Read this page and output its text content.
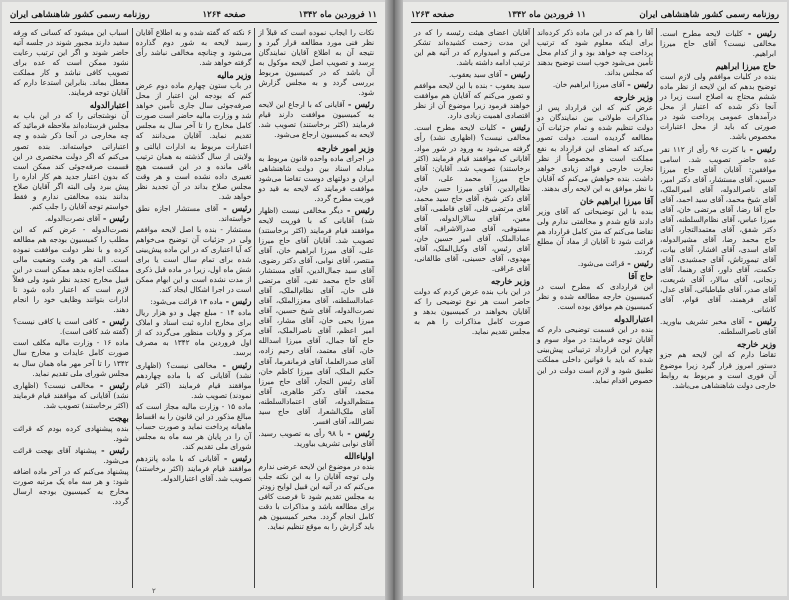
۱۱ فروردین ماه ۱۳۴۲
صفحه ۱۲۶۴
روزنامه رسمی کشور شاهنشاهی ایران

نکات را ایجاب نموده است که قبلاً از نظر فنی مورد مطالعه قرار گیرد و نتیجه آن به اطلاع آقایان نمایندگان برسد و تصویب اصل لایحه موکول به آن باشد که در کمیسیون مربوط بررسی گردد و به مجلس گزارش شود.

رئیس - آقایانی که با ارجاع این لایحه به کمیسیون موافقت دارند قیام فرمایند (اکثر برخاستند) تصویب شد. لایحه به کمیسیون ارجاع می‌شود.

وزیر امور خارجه

در اجرای ماده واحده قانون مربوط به مبادله اسناد بین دولت شاهنشاهی ایران و دولتهای دوست تقاضا می‌شود موافقت فرمایند که لایحه به قید دو فوریت مطرح گردد.

رئیس - دیگر مخالفی نیست (اظهار شد) آقایانی که با فوریت لایحه موافقند قیام فرمایند (اکثر برخاستند) تصویب شد. آقایان آقای حاج میرزا علی، آقای میرزا ابراهیم خان، آقای منتصر، آقای نوابی، آقای دکتر رضوی، آقای سید جمال‌الدین، آقای مستشار، آقای حاج محمد تقی، آقای مرتضی قلی خان، آقای نظام‌الملک، آقای عمادالسلطنه، آقای معززالملک، آقای نصرت‌الدوله، آقای شیخ حسین، آقای میرزا یحیی خان، آقای مشار، آقای امیر اعظم، آقای ناصرالملک، آقای حاج آقا جمال، آقای میرزا اسدالله خان، آقای معتمد، آقای رحیم زاده، آقای صدرالعلما، آقای فرمانفرما، آقای حکیم الملک، آقای میرزا کاظم خان، آقای رئیس التجار، آقای حاج میرزا محمد، آقای دکتر طاهری، آقای منتظم‌الدوله، آقای اعتمادالسلطنه، آقای ملک‌الشعرا، آقای حاج سید نصرالله، آقای افسر.

رئیس - با ۹۸ رأی به تصویب رسید. آقای نوابی تشریف بیاورید.

اولیاءالله

بنده در موضوع این لایحه عرضی ندارم ولی توجه آقایان را به این نکته جلب می‌کنم که در آتیه این قبیل لوایح زودتر به مجلس تقدیم شود تا فرصت کافی برای مطالعه باشد و مذاکرات با دقت کامل انجام گردد. مخبر کمیسیون هم باید گزارش را به موقع تنظیم نماید.

۶ نکته که گفته شده و به اطلاع آقایان رسید لایحه به شور دوم گذارده می‌شود و چنانچه مخالفی نباشد رأی گرفته خواهد شد.

وزیر مالیه

در باب ستون چهارم ماده دوم عرض کنم که بودجه این اعتبار از محل صرفه‌جوئی سال جاری تأمین خواهد شد و وزارت مالیه حاضر است صورت کامل مخارج را تا آخر سال به مجلس تقدیم نماید. آقایان می‌دانند که اعتبارات مربوط به ادارات ایالتی و ولایتی از سال گذشته به همان ترتیب باقی مانده و در این قسمت هیچ تغییری داده نشده است و هر وقت مجلس صلاح بداند در آن تجدید نظر خواهد شد.

رئیس - آقای مستشار اجازه نطق خواسته‌اند.

مستشار - بنده با اصل لایحه موافقم ولی در جزئیات آن توضیح می‌خواهم که آیا اعتباری که در این ماده پیش‌بینی شده برای تمام سال است یا برای شش ماه اول، زیرا در ماده قبل ذکری از مدت نشده است و این ابهام ممکن است در اجرا اشکال ایجاد کند.

رئیس - ماده ۱۴ قرائت می‌شود:

ماده ۱۴ - مبلغ چهل و دو هزار ریال برای مخارج اداره ثبت اسناد و املاک مرکز و ولایات منظور می‌گردد که از اول فروردین ماه ۱۳۴۲ به مصرف برسد.

رئیس - مخالفی نیست؟ (اظهاری نشد) آقایانی که با ماده چهاردهم موافقند قیام فرمایند (اکثر قیام نمودند) تصویب شد.

ماده ۱۵ - وزارت مالیه مجاز است که مبالغ مذکور در این قانون را به اقساط ماهیانه پرداخت نماید و صورت حساب آن را در پایان هر سه ماه به مجلس شورای ملی تقدیم کند.

رئیس - آقایانی که با ماده پانزدهم موافقند قیام فرمایند (اکثر برخاستند) تصویب شد. آقای اعتبارالدوله.

اسباب این میشود که کسانی که ورقه سفید دارند مجبور شوند در جلسه آتیه حاضر شوند و اگر این ترتیب رعایت نشود ممکن است که عده برای تصویب کافی نباشد و کار مملکت معطل بماند. بنابراین استدعا دارم که آقایان توجه فرمایند.

اعتبارالدوله

آن نوشتجاتی را که در این باب به مجلس فرستاده‌اند ملاحظه فرمائید که چه مخارجی در آنجا ذکر شده و چه اعتباراتی خواسته‌اند. بنده تصور می‌کنم که اگر دولت مختصری در این قسمت صرفه‌جوئی کند ممکن است که بدون اعتبار جدید هم کار اداره را پیش ببرد ولی البته اگر آقایان صلاح بدانند بنده مخالفتی ندارم و فقط خواستم توجه آقایان را جلب کنم.

رئیس - آقای نصرت‌الدوله.

نصرت‌الدوله - عرض کنم که این مطلب را کمیسیون بودجه هم مطالعه کرده و با نظر دولت موافقت نموده است. البته هر وقت وضعیت مالی مملکت اجازه بدهد ممکن است در این قبیل مخارج تجدید نظر شود ولی فعلاً لازم است که اعتبار داده شود تا ادارات بتوانند وظایف خود را انجام دهند.

رئیس - کافی است یا کافی نیست؟ (گفته شد کافی است).

ماده ۱۶ - وزارت مالیه مکلف است صورت کامل عایدات و مخارج سال ۱۳۴۲ را تا آخر مهر ماه همان سال به مجلس شورای ملی تقدیم نماید.

رئیس - مخالفی نیست؟ (اظهاری نشد) آقایانی که موافقند قیام فرمایند (اکثر برخاستند) تصویب شد.

بهجت

بنده پیشنهادی کرده بودم که قرائت شود.

رئیس - پیشنهاد آقای بهجت قرائت می‌شود.

پیشنهاد می‌کنم که در آخر ماده اضافه شود: و هر سه ماه یک مرتبه صورت مخارج به کمیسیون بودجه ارسال گردد.

۲
روزنامه رسمی کشور شاهنشاهی ایران
۱۱ فروردین ماه ۱۳۴۲
صفحه ۱۲۶۳

رئیس - کلیات لایحه مطرح است. مخالفی نیست؟ آقای حاج میرزا ابراهیم.

حاج میرزا ابراهیم

بنده در کلیات موافقم ولی لازم است توضیح بدهم که این لایحه از نظر ماده ششم محتاج به اصلاح است زیرا در آنجا ذکر شده که اعتبار از محل درآمدهای عمومی پرداخت شود در صورتی که باید از محل اعتبارات مخصوص باشد.

رئیس - با کثرت ۹۶ رأی از ۱۱۲ نفر عده حاضر تصویب شد. اسامی موافقین: آقایان آقای حاج میرزا حسین، آقای مستشار، آقای دکتر امیر، آقای ناصرالدوله، آقای امیرالملک، آقای شیخ محمد، آقای سید احمد، آقای حاج آقا رضا، آقای مرتضی خان، آقای میرزا عباس، آقای نظام‌السلطنه، آقای دکتر شفق، آقای معتمدالتجار، آقای حاج محمد رضا، آقای مشیرالدوله، آقای اسدی، آقای افشار، آقای بیات، آقای تیمورتاش، آقای جمشیدی، آقای حکمت، آقای داور، آقای رهنما، آقای زنجانی، آقای سالار، آقای شریعت، آقای صدر، آقای طباطبائی، آقای عدل، آقای فرهمند، آقای قوام، آقای کاشانی.

رئیس - آقای مخبر تشریف بیاورید. آقای ناصرالسلطنه.

وزیر خارجه

تقاضا دارم که این لایحه هم جزو دستور امروز قرار گیرد زیرا موضوع آن فوری است و مربوط به روابط خارجی دولت شاهنشاهی می‌باشد.

آقا را هم که در این ماده ذکر کرده‌اند برای اینکه معلوم شود که ترتیب پرداخت چه خواهد بود و از کدام محل تأمین می‌شود خوب است توضیح بدهند که مجلس بداند.

رئیس - آقای میرزا ابراهیم خان.

وزیر خارجه

عرض کنم که این قرارداد پس از مذاکرات طولانی بین نمایندگان دو دولت تنظیم شده و تمام جزئیات آن مطالعه گردیده است. دولت تصور می‌کند که امضای این قرارداد به نفع مملکت است و مخصوصاً از نظر تجارت خارجی فوائد زیادی خواهد داشت. بنده خواهش می‌کنم که آقایان با نظر موافق به این لایحه رأی بدهند.

آقا میرزا ابراهیم خان

بنده با این توضیحاتی که آقای وزیر دادند قانع شدم و مخالفتی ندارم ولی تقاضا می‌کنم که متن کامل قرارداد هم قرائت شود تا آقایان از مفاد آن مطلع گردند.

رئیس - قرائت می‌شود.

حاج آقا

این قراردادی که مطرح است در کمیسیون خارجه مطالعه شده و نظر کمیسیون هم موافق بوده است.

اعتبارالدوله

بنده در این قسمت توضیحی دارم که آقایان توجه فرمایند: در مواد سوم و چهارم این قرارداد ترتیباتی پیش‌بینی شده که باید با قوانین داخلی مملکت تطبیق شود و لازم است دولت در این خصوص اقدام نماید.

آقایان اعضای هیئت رئیسه را که در این مدت زحمت کشیده‌اند تشکر می‌کنم و امیدوارم که در آتیه هم این ترتیب ادامه داشته باشد.

رئیس - آقای سید یعقوب.

سید یعقوب - بنده با این لایحه موافقم و تصور می‌کنم که آقایان هم موافقت خواهند فرمود زیرا موضوع آن از نظر اقتصادی اهمیت زیادی دارد.

رئیس - کلیات لایحه مطرح است. مخالفی نیست؟ (اظهاری نشد) رأی گرفته می‌شود به ورود در شور مواد. آقایانی که موافقند قیام فرمایند (اکثر برخاستند) تصویب شد. آقایان: آقای حاج میرزا محمد علی، آقای نظام‌الدین، آقای میرزا حسن خان، آقای دکتر شیخ، آقای حاج سید محمد، آقای مرتضی قلی، آقای فاطمی، آقای معین، آقای سالارالدوله، آقای مستوفی، آقای صدرالاشراف، آقای عمادالملک، آقای امیر حسین خان، آقای رئیس، آقای وکیل‌الملک، آقای مهدوی، آقای حسینی، آقای طالقانی، آقای عراقی.

وزیر خارجه

در این باب بنده عرض کردم که دولت حاضر است هر نوع توضیحی را که آقایان بخواهند در کمیسیون بدهد و صورت کامل مذاکرات را هم به مجلس تقدیم نماید.
